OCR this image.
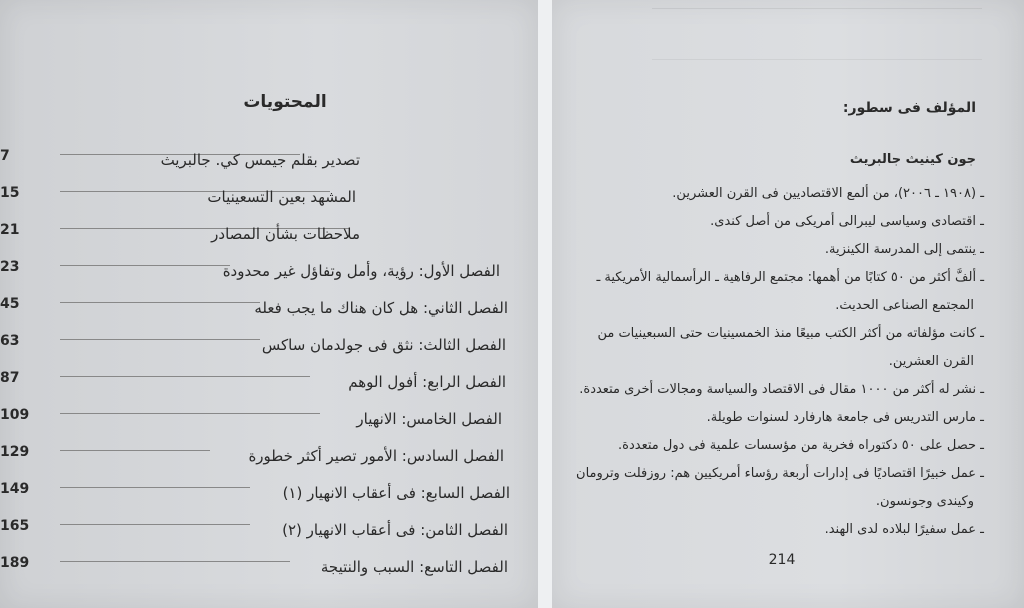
المحتويات
7	تصدير بقلم جيمس كي. جالبريث
15	المشهد بعين التسعينيات
21	ملاحظات بشأن المصادر
23	الفصل الأول: رؤية، وأمل وتفاؤل غير محدودة
45	الفصل الثاني: هل كان هناك ما يجب فعله
63	الفصل الثالث: نثق فى جولدمان ساكس
87	الفصل الرابع: أفول الوهم
109	الفصل الخامس: الانهيار
129	الفصل السادس: الأمور تصير أكثر خطورة
149	الفصل السابع: فى أعقاب الانهيار (١)
165	الفصل الثامن: فى أعقاب الانهيار (٢)
189	الفصل التاسع: السبب والنتيجة
المؤلف فى سطور:
جون كينيث جالبريث
ـ (١٩٠٨ ـ ٢٠٠٦)، من ألمع الاقتصاديين فى القرن العشرين.
ـ اقتصادى وسياسى ليبرالى أمريكى من أصل كندى.
ـ ينتمى إلى المدرسة الكينزية.
ـ ألفَّ أكثر من ٥٠ كتابًا من أهمها: مجتمع الرفاهية ـ الرأسمالية الأمريكية ـ
المجتمع الصناعى الحديث.
ـ كانت مؤلفاته من أكثر الكتب مبيعًا منذ الخمسينيات حتى السبعينيات من
القرن العشرين.
ـ نشر له أكثر من ١٠٠٠ مقال فى الاقتصاد والسياسة ومجالات أخرى متعددة.
ـ مارس التدريس فى جامعة هارفارد لسنوات طويلة.
ـ حصل على ٥٠ دكتوراه فخرية من مؤسسات علمية فى دول متعددة.
ـ عمل خبيرًا اقتصاديًا فى إدارات أربعة رؤساء أمريكيين هم: روزفلت وترومان
وكيندى وجونسون.
ـ عمل سفيرًا لبلاده لدى الهند.
214
